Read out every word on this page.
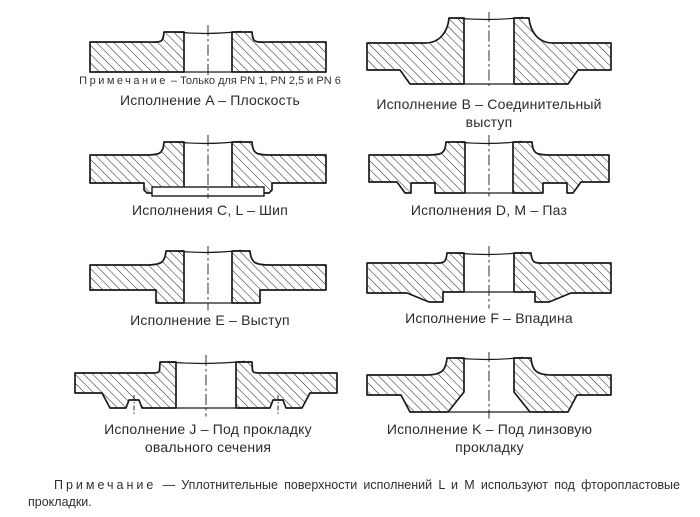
Примечание – Только для PN 1, PN 2,5 и PN 6
Исполнение A – Плоскость	Исполнение B – Соединительный выступ
Исполнения C, L – Шип	Исполнения D, M – Паз
Исполнение E – Выступ	Исполнение F – Впадина
Исполнение J – Под прокладку овального сечения
Исполнение K – Под линзовую прокладку
Примечание — Уплотнительные поверхности исполнений L и M используют под фторопластовые прокладки.
